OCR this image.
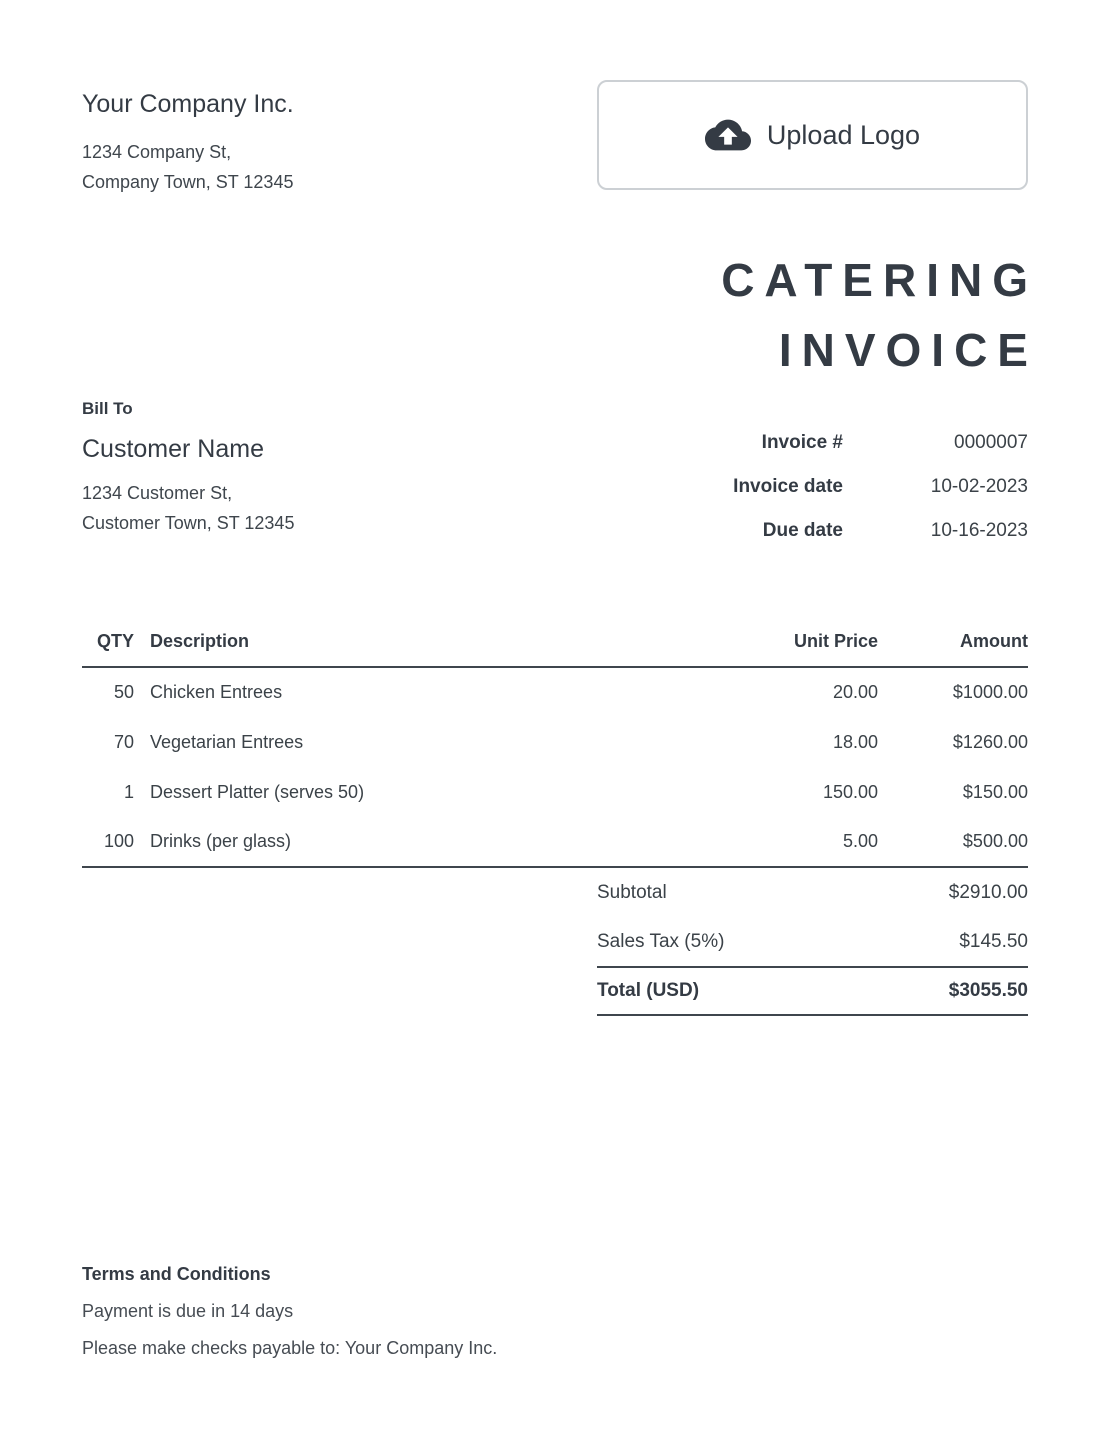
Your Company Inc.
1234 Company St,
Company Town, ST 12345
Upload Logo
CATERING
INVOICE
Bill To
Customer Name
1234 Customer St,
Customer Town, ST 12345
Invoice #	0000007
Invoice date	10-02-2023
Due date	10-16-2023
QTY	Description	Unit Price	Amount
50	Chicken Entrees	20.00	$1000.00
70	Vegetarian Entrees	18.00	$1260.00
1	Dessert Platter (serves 50)	150.00	$150.00
100	Drinks (per glass)	5.00	$500.00
Subtotal	$2910.00
Sales Tax (5%)	$145.50
Total (USD)	$3055.50
Terms and Conditions
Payment is due in 14 days
Please make checks payable to: Your Company Inc.
